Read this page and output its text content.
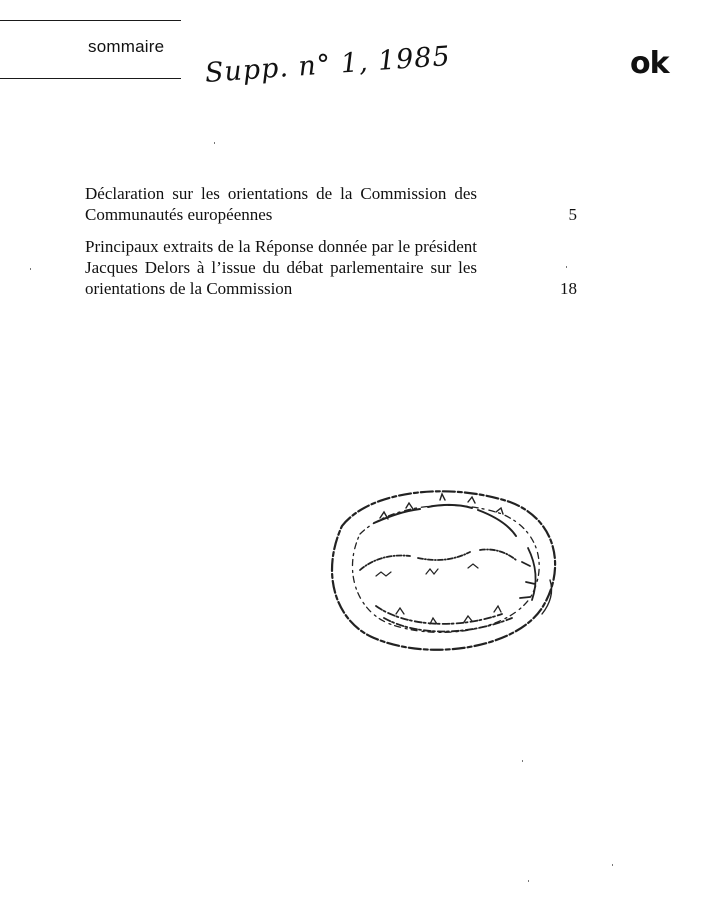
sommaire Supp. n° 1, 1985	ok
Déclaration sur les orientations de la Commission des Communautés européennes	5
Principaux extraits de la Réponse donnée par le président Jacques Delors à l’issue du débat parlementaire sur les orientations de la Commission	18
